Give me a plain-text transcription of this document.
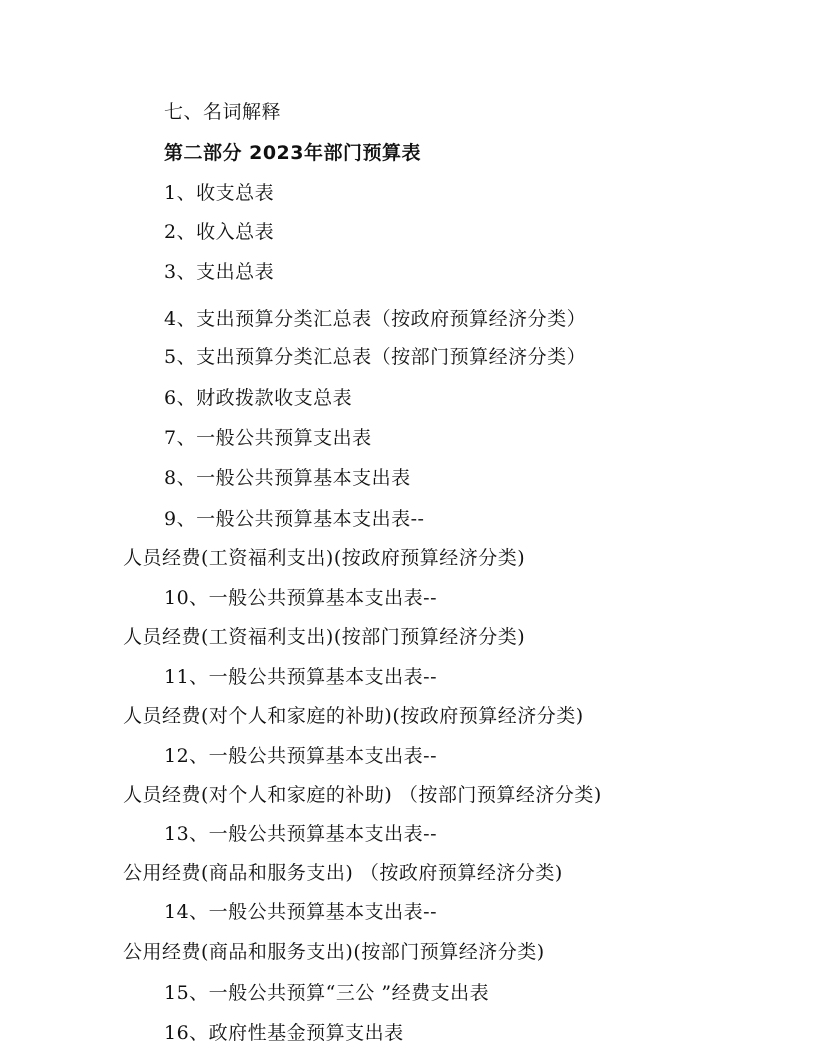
七、名词解释
第二部分 2023年部门预算表
1、收支总表
2、收入总表
3、支出总表
4、支出预算分类汇总表（按政府预算经济分类）
5、支出预算分类汇总表（按部门预算经济分类）
6、财政拨款收支总表
7、一般公共预算支出表
8、一般公共预算基本支出表
9、一般公共预算基本支出表--
人员经费(工资福利支出)(按政府预算经济分类)
10、一般公共预算基本支出表--
人员经费(工资福利支出)(按部门预算经济分类)
11、一般公共预算基本支出表--
人员经费(对个人和家庭的补助)(按政府预算经济分类)
12、一般公共预算基本支出表--
人员经费(对个人和家庭的补助) （按部门预算经济分类)
13、一般公共预算基本支出表--
公用经费(商品和服务支出) （按政府预算经济分类)
14、一般公共预算基本支出表--
公用经费(商品和服务支出)(按部门预算经济分类)
15、一般公共预算“三公 ”经费支出表
16、政府性基金预算支出表
